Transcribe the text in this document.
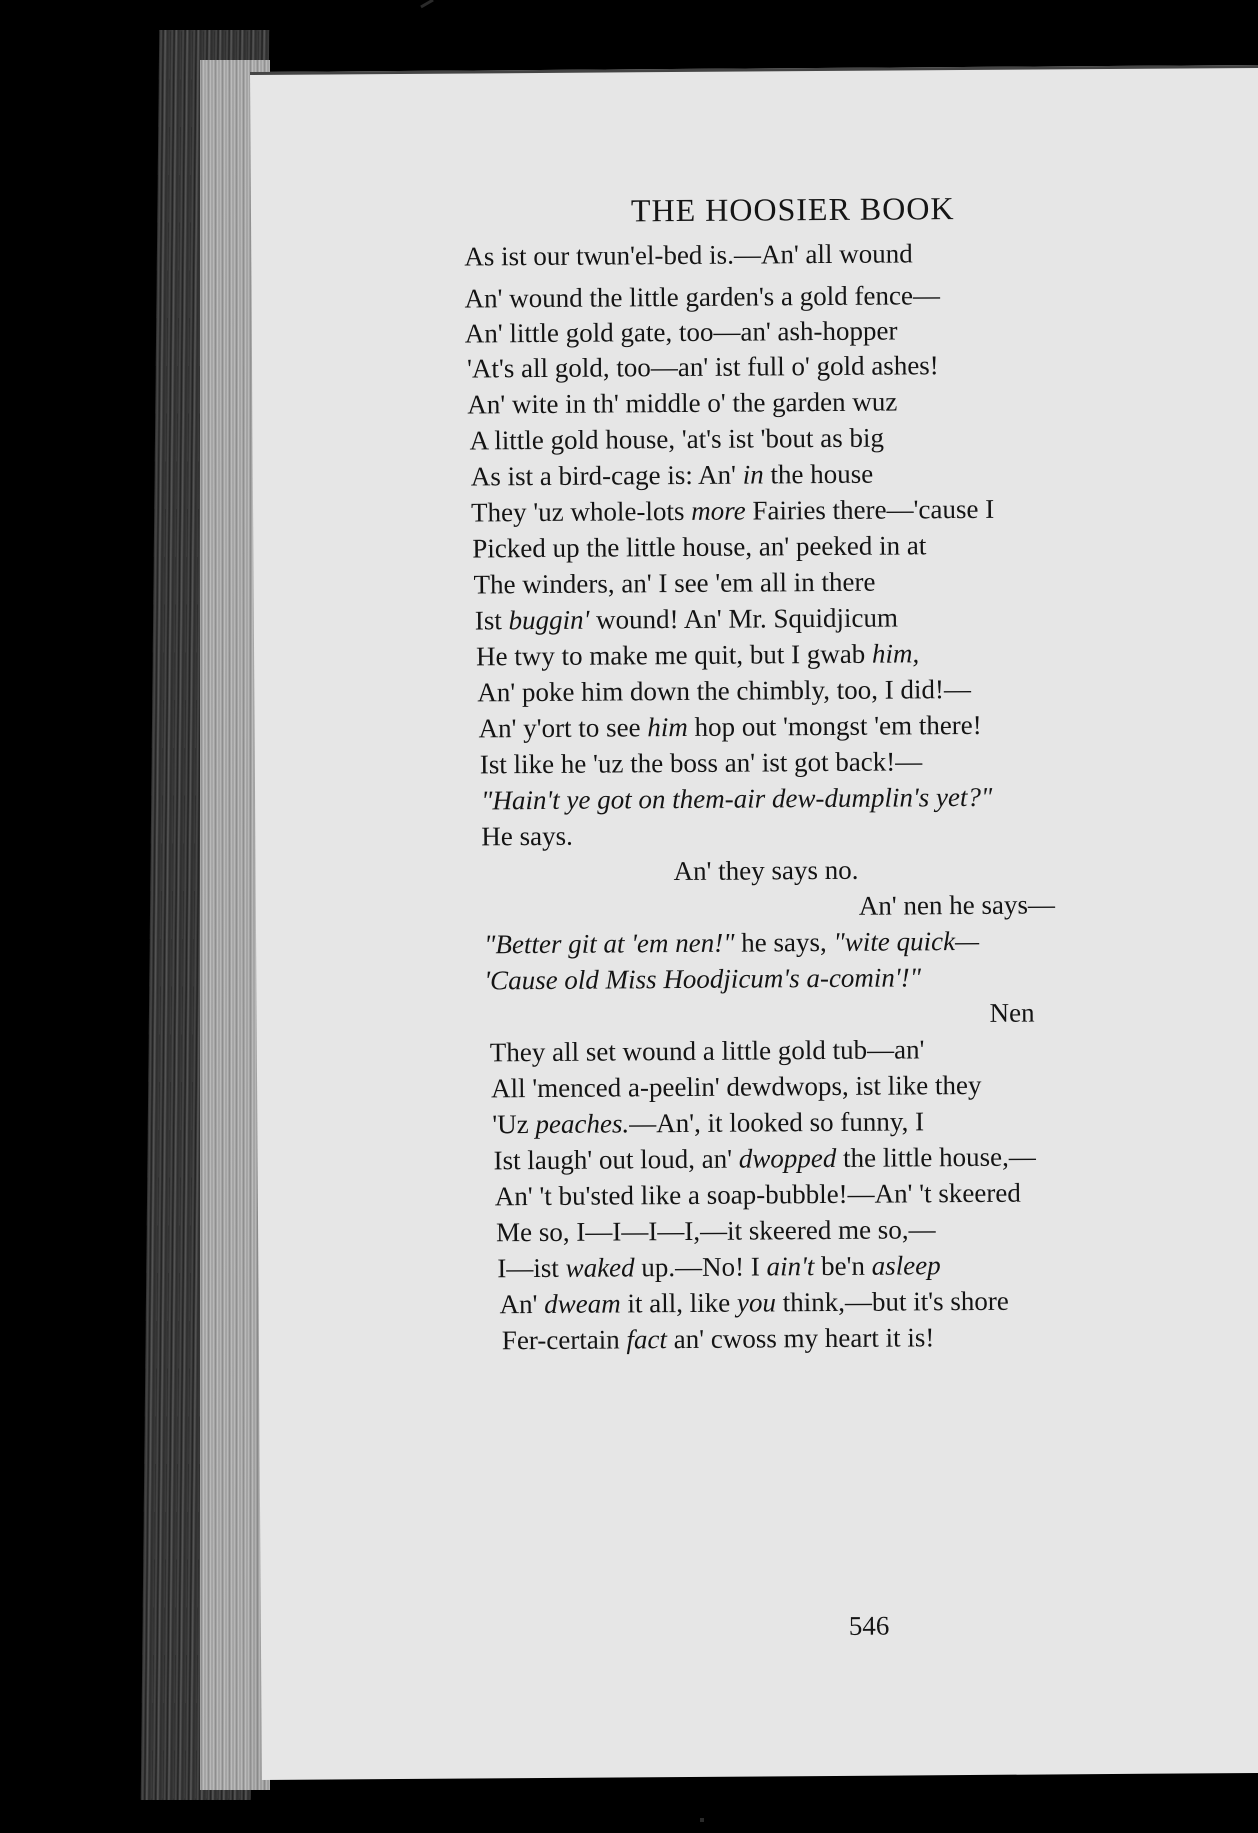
THE HOOSIER BOOK
As ist our twun'el-bed is.—An' all wound
An' wound the little garden's a gold fence—
An' little gold gate, too—an' ash-hopper
'At's all gold, too—an' ist full o' gold ashes!
An' wite in th' middle o' the garden wuz
A little gold house, 'at's ist 'bout as big
As ist a bird-cage is: An' in the house
They 'uz whole-lots more Fairies there—'cause I
Picked up the little house, an' peeked in at
The winders, an' I see 'em all in there
Ist buggin' wound! An' Mr. Squidjicum
He twy to make me quit, but I gwab him,
An' poke him down the chimbly, too, I did!—
An' y'ort to see him hop out 'mongst 'em there!
Ist like he 'uz the boss an' ist got back!—
"Hain't ye got on them-air dew-dumplin's yet?"
He says.
An' they says no.
An' nen he says—
"Better git at 'em nen!" he says, "wite quick—
'Cause old Miss Hoodjicum's a-comin'!"
Nen
They all set wound a little gold tub—an'
All 'menced a-peelin' dewdwops, ist like they
'Uz peaches.—An', it looked so funny, I
Ist laugh' out loud, an' dwopped the little house,—
An' 't bu'sted like a soap-bubble!—An' 't skeered
Me so, I—I—I—I,—it skeered me so,—
I—ist waked up.—No! I ain't be'n asleep
An' dweam it all, like you think,—but it's shore
Fer-certain fact an' cwoss my heart it is!
546
